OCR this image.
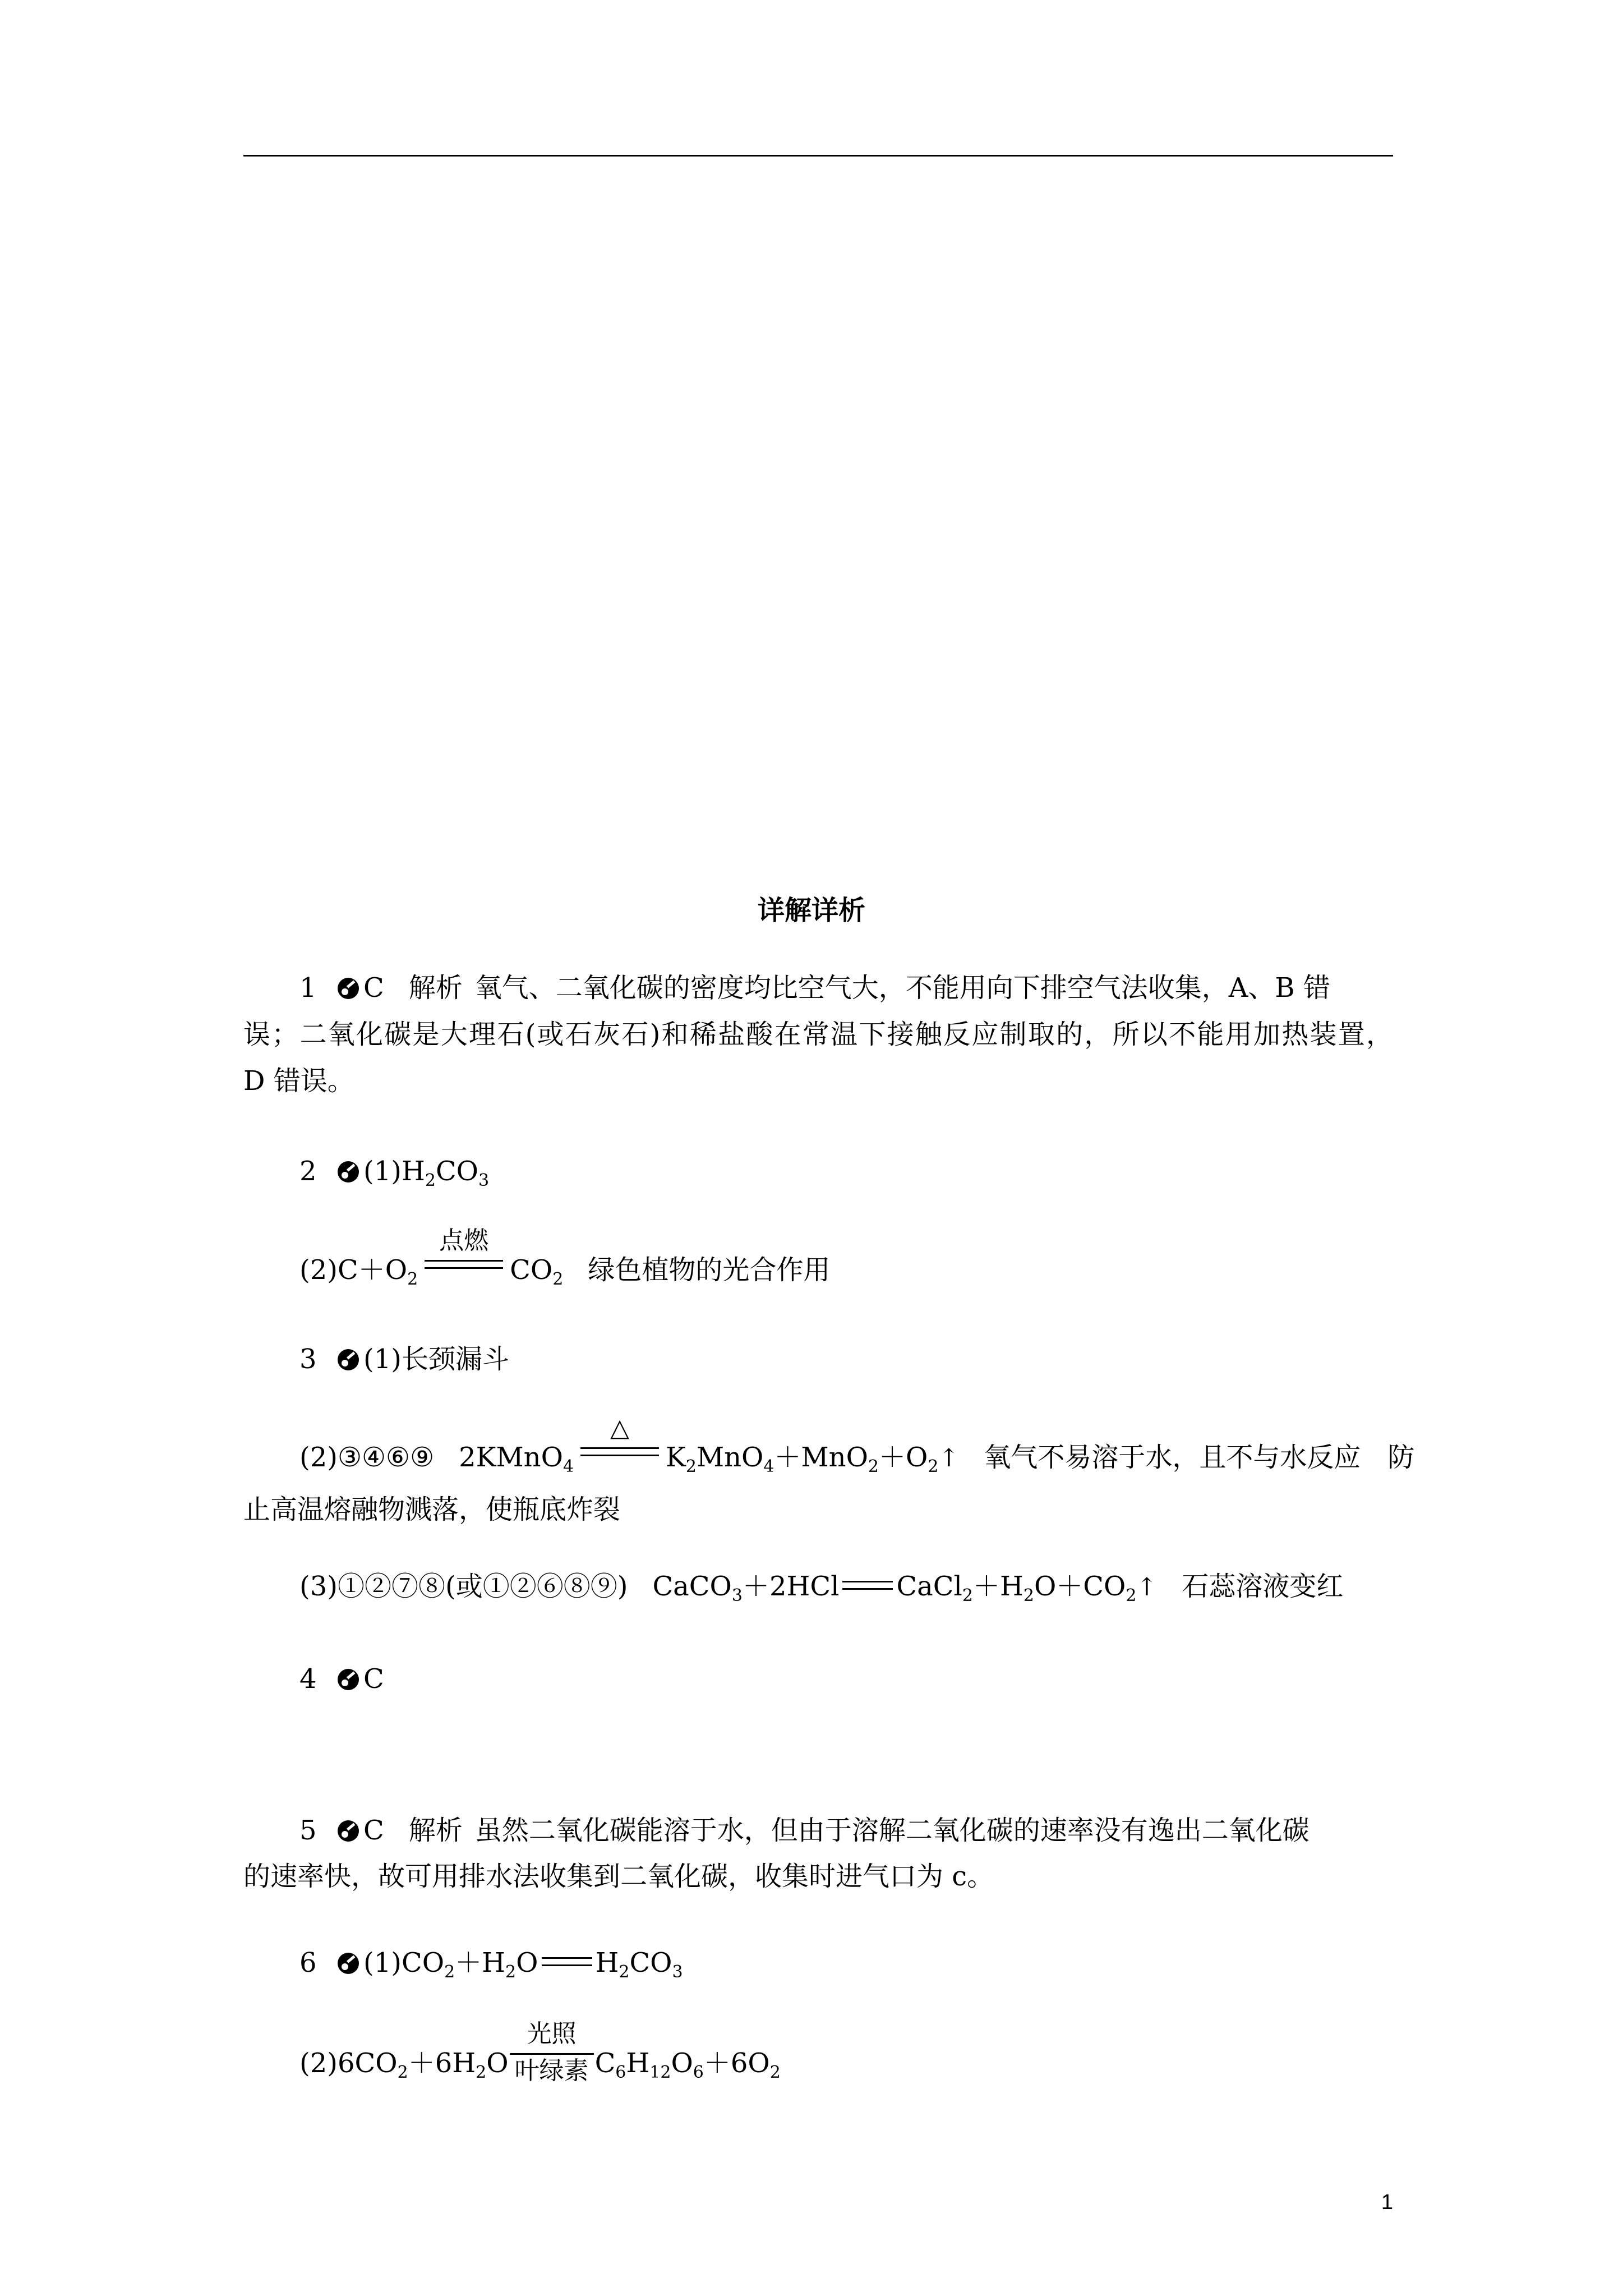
详解详析
1 C 解析 氧气、二氧化碳的密度均比空气大，不能用向下排空气法收集，A、B 错
误；二氧化碳是大理石(或石灰石)和稀盐酸在常温下接触反应制取的，所以不能用加热装置，
D 错误。
2 $(1)H_2CO_3$
$(2)C+O_2$
点燃
$CO_2$ 绿色植物的光合作用
3 (1)长颈漏斗
(2)③④⑥⑨ 2KMnO$_4$
△
$K_2MnO_4+MnO_2+O_2↑$ 氧气不易溶于水，且不与水反应　防
止高温熔融物溅落，使瓶底炸裂
(3)①②⑦⑧(或①②⑥⑧⑨) CaCO$_3$＋2HCl $CaCl_2+H_2O+CO_2↑$ 石蕊溶液变红
4 C
5 C 解析 虽然二氧化碳能溶于水，但由于溶解二氧化碳的速率没有逸出二氧化碳
的速率快，故可用排水法收集到二氧化碳，收集时进气口为 c。
6 $(1)CO_2+H_2O$ $H_2CO_3$
$(2)6CO_2+6H_2O$
光照
叶绿素 $C_6H_{12}O_6+6O_2$
1
